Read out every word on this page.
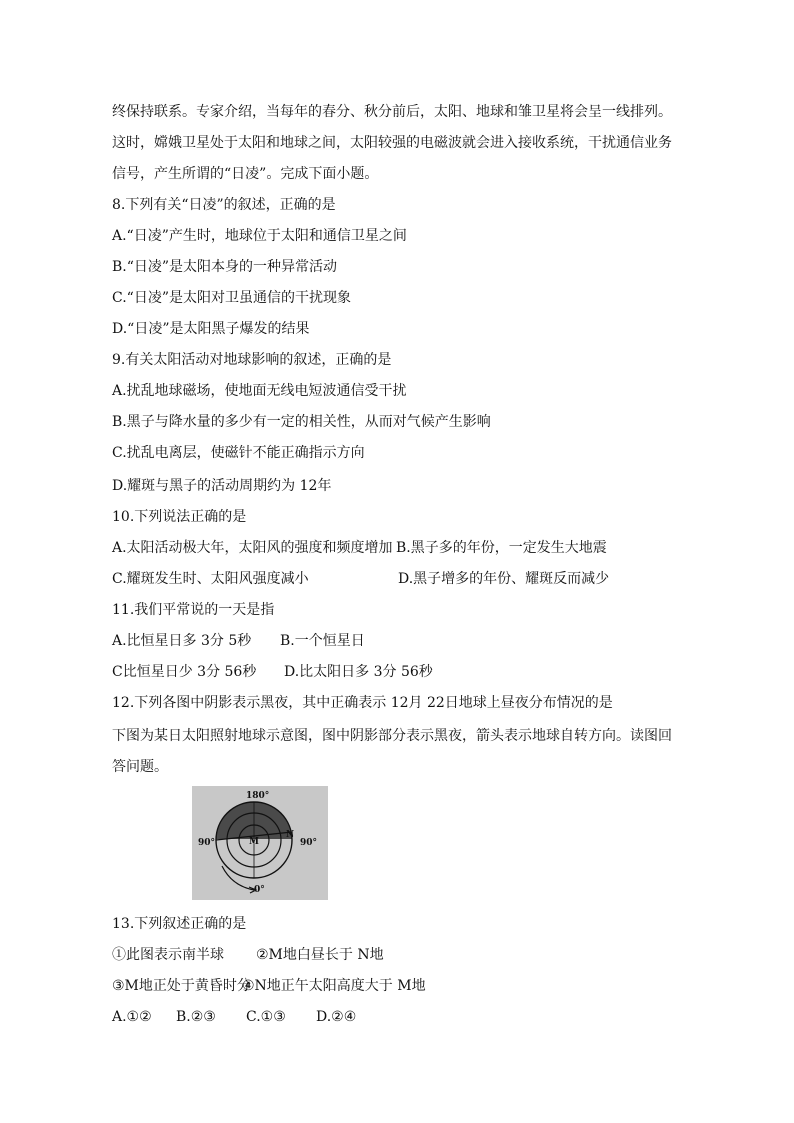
终保持联系。专家介绍，当每年的春分、秋分前后，太阳、地球和雏卫星将会呈一线排列。
这时，嫦娥卫星处于太阳和地球之间，太阳较强的电磁波就会进入接收系统，干扰通信业务
信号，产生所谓的“日凌”。完成下面小题。
8.下列有关“日凌”的叙述，正确的是
A.“日凌”产生时，地球位于太阳和通信卫星之间
B.“日凌”是太阳本身的一种异常活动
C.“日凌”是太阳对卫虽通信的干扰现象
D.“日凌”是太阳黑子爆发的结果
9.有关太阳活动对地球影响的叙述，正确的是
A.扰乱地球磁场，使地面无线电短波通信受干扰
B.黑子与降水量的多少有一定的相关性，从而对气候产生影响
C.扰乱电离层，使磁针不能正确指示方向
D.耀斑与黑子的活动周期约为 12年
10.下列说法正确的是
A.太阳活动极大年，太阳风的强度和频度增加 B.黑子多的年份，一定发生大地震
C.耀斑发生时、太阳风强度减小	D.黑子增多的年份、耀斑反而减少
11.我们平常说的一天是指
A.比恒星日多 3分 5秒 B.一个恒星日
C比恒星日少 3分 56秒 D.比太阳日多 3分 56秒
12.下列各图中阴影表示黑夜，其中正确表示 12月 22日地球上昼夜分布情况的是
下图为某日太阳照射地球示意图，图中阴影部分表示黑夜，箭头表示地球自转方向。读图回
答问题。
180°
90°	90°
0°
M
N
13.下列叙述正确的是
①此图表示南半球 ②M地白昼长于 N地
③M地正处于黄昏时分
④N地正午太阳高度大于 M地
A.①② B.②③ C.①③ D.②④
